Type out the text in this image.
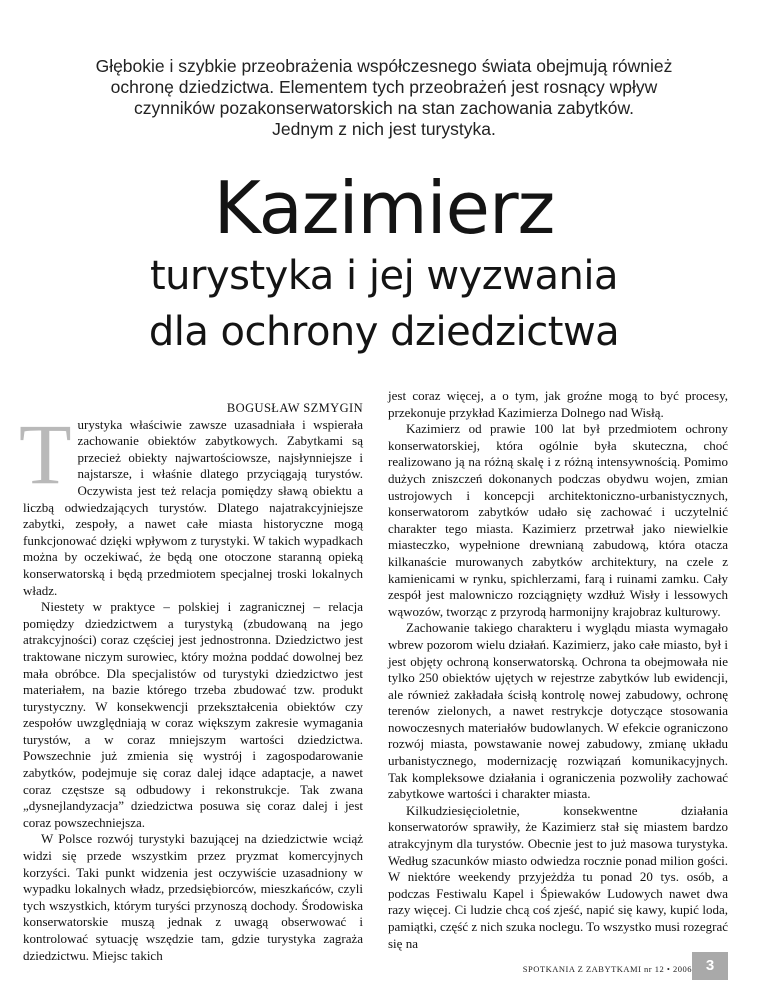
Głębokie i szybkie przeobrażenia współczesnego świata obejmują również

ochronę dziedzictwa. Elementem tych przeobrażeń jest rosnący wpływ

czynników pozakonserwatorskich na stan zachowania zabytków.

Jednym z nich jest turystyka.

Kazimierz
turystyka i jej wyzwania
dla ochrony dziedzictwa

BOGUSŁAW SZMYGIN

Turystyka właściwie zawsze uzasadniała i wspierała zachowanie obiektów zabytkowych. Zabytkami są przecież obiekty najwartościowsze, najsłynniejsze i najstarsze, i właśnie dlatego przyciągają turystów. Oczywista jest też relacja pomiędzy sławą obiektu a liczbą odwiedzających turystów. Dlatego najatrakcyjniejsze zabytki, zespoły, a nawet całe miasta historyczne mogą funkcjonować dzięki wpływom z turystyki. W takich wypadkach można by oczekiwać, że będą one otoczone staranną opieką konserwatorską i będą przedmiotem specjalnej troski lokalnych władz.

Niestety w praktyce – polskiej i zagranicznej – relacja pomiędzy dziedzictwem a turystyką (zbudowaną na jego atrakcyjności) coraz częściej jest jednostronna. Dziedzictwo jest traktowane niczym surowiec, który można poddać dowolnej bez mała obróbce. Dla specjalistów od turystyki dziedzictwo jest materiałem, na bazie którego trzeba zbudować tzw. produkt turystyczny. W konsekwencji przekształcenia obiektów czy zespołów uwzględniają w coraz większym zakresie wymagania turystów, a w coraz mniejszym wartości dziedzictwa. Powszechnie już zmienia się wystrój i zagospodarowanie zabytków, podejmuje się coraz dalej idące adaptacje, a nawet coraz częstsze są odbudowy i rekonstrukcje. Tak zwana „dysneјlandyzacja” dziedzictwa posuwa się coraz dalej i jest coraz powszechniejsza.

W Polsce rozwój turystyki bazującej na dziedzictwie wciąż widzi się przede wszystkim przez pryzmat komercyjnych korzyści. Taki punkt widzenia jest oczywiście uzasadniony w wypadku lokalnych władz, przedsiębiorców, mieszkańców, czyli tych wszystkich, którym turyści przynoszą dochody. Środowiska konserwatorskie muszą jednak z uwagą obserwować i kontrolować sytuację wszędzie tam, gdzie turystyka zagraża dziedzictwu. Miejsc takich

jest coraz więcej, a o tym, jak groźne mogą to być procesy, przekonuje przykład Kazimierza Dolnego nad Wisłą.

Kazimierz od prawie 100 lat był przedmiotem ochrony konserwatorskiej, która ogólnie była skuteczna, choć realizowano ją na różną skalę i z różną intensywnością. Pomimo dużych zniszczeń dokonanych podczas obydwu wojen, zmian ustrojowych i koncepcji architektoniczno-urbanistycznych, konserwatorom zabytków udało się zachować i uczytelnić charakter tego miasta. Kazimierz przetrwał jako niewielkie miasteczko, wypełnione drewnianą zabudową, która otacza kilkanaście murowanych zabytków architektury, na czele z kamienicami w rynku, spichlerzami, farą i ruinami zamku. Cały zespół jest malowniczo rozciągnięty wzdłuż Wisły i lessowych wąwozów, tworząc z przyrodą harmonijny krajobraz kulturowy.

Zachowanie takiego charakteru i wyglądu miasta wymagało wbrew pozorom wielu działań. Kazimierz, jako całe miasto, był i jest objęty ochroną konserwatorską. Ochrona ta obejmowała nie tylko 250 obiektów ujętych w rejestrze zabytków lub ewidencji, ale również zakładała ścisłą kontrolę nowej zabudowy, ochronę terenów zielonych, a nawet restrykcje dotyczące stosowania nowoczesnych materiałów budowlanych. W efekcie ograniczono rozwój miasta, powstawanie nowej zabudowy, zmianę układu urbanistycznego, modernizację rozwiązań komunikacyjnych. Tak kompleksowe działania i ograniczenia pozwoliły zachować zabytkowe wartości i charakter miasta.

Kilkudziesięcioletnie, konsekwentne działania konserwatorów sprawiły, że Kazimierz stał się miastem bardzo atrakcyjnym dla turystów. Obecnie jest to już masowa turystyka. Według szacunków miasto odwiedza rocznie ponad milion gości. W niektóre weekendy przyjeżdża tu ponad 20 tys. osób, a podczas Festiwalu Kapel i Śpiewaków Ludowych nawet dwa razy więcej. Ci ludzie chcą coś zjeść, napić się kawy, kupić loda, pamiątki, część z nich szuka noclegu. To wszystko musi rozegrać się na

SPOTKANIA Z ZABYTKAMI nr 12 • 2006 3
